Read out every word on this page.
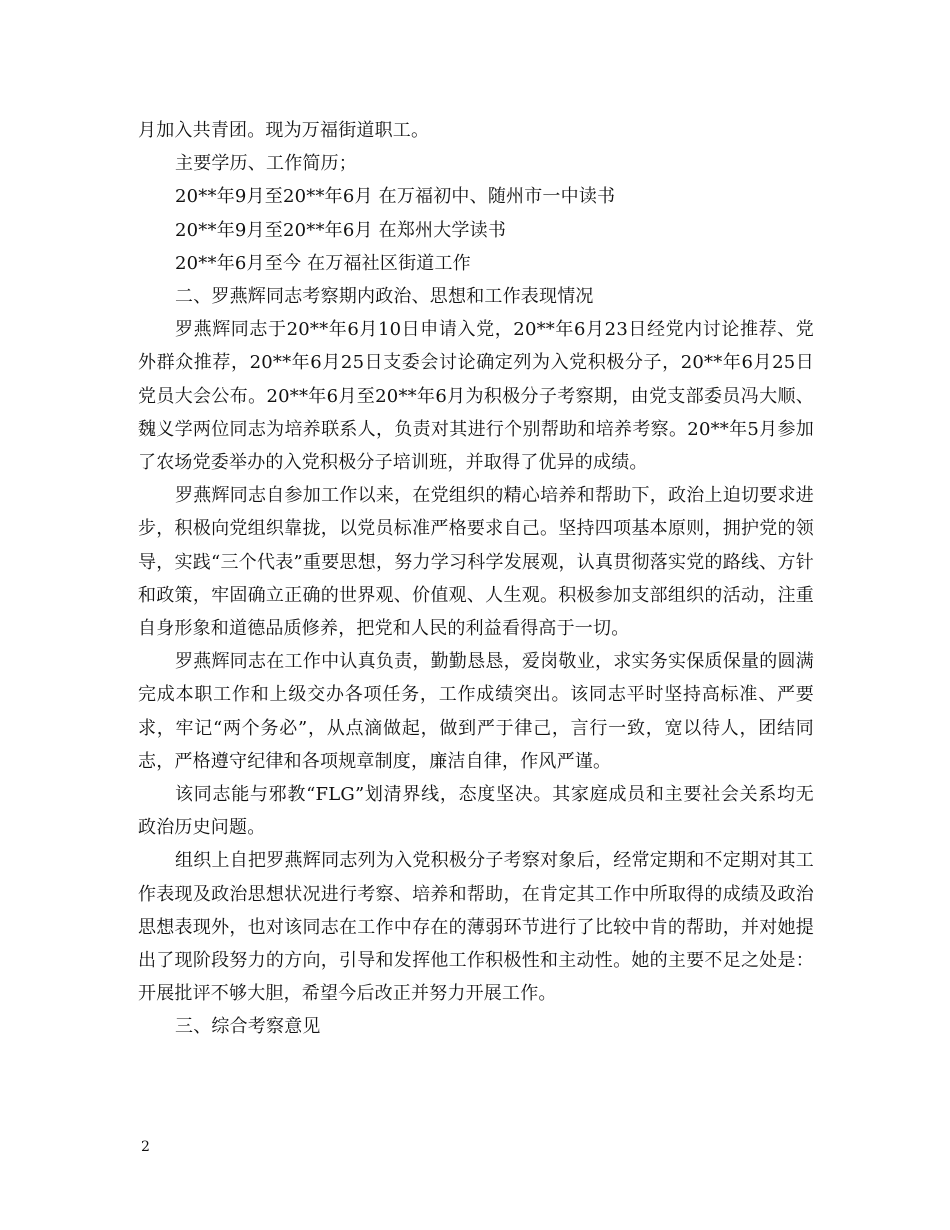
月加入共青团。现为万福街道职工。

主要学历、工作简历；

20**年9月至20**年6月 在万福初中、随州市一中读书

20**年9月至20**年6月 在郑州大学读书

20**年6月至今 在万福社区街道工作

二、罗燕辉同志考察期内政治、思想和工作表现情况

罗燕辉同志于20**年6月10日申请入党，20**年6月23日经党内讨论推荐、党外群众推荐，20**年6月25日支委会讨论确定列为入党积极分子，20**年6月25日党员大会公布。20**年6月至20**年6月为积极分子考察期，由党支部委员冯大顺、魏义学两位同志为培养联系人，负责对其进行个别帮助和培养考察。20**年5月参加了农场党委举办的入党积极分子培训班，并取得了优异的成绩。

罗燕辉同志自参加工作以来，在党组织的精心培养和帮助下，政治上迫切要求进步，积极向党组织靠拢，以党员标准严格要求自己。坚持四项基本原则，拥护党的领导，实践“三个代表”重要思想，努力学习科学发展观，认真贯彻落实党的路线、方针和政策，牢固确立正确的世界观、价值观、人生观。积极参加支部组织的活动，注重自身形象和道德品质修养，把党和人民的利益看得高于一切。

罗燕辉同志在工作中认真负责，勤勤恳恳，爱岗敬业，求实务实保质保量的圆满完成本职工作和上级交办各项任务，工作成绩突出。该同志平时坚持高标准、严要求，牢记“两个务必”，从点滴做起，做到严于律己，言行一致，宽以待人，团结同志，严格遵守纪律和各项规章制度，廉洁自律，作风严谨。

该同志能与邪教“FLG”划清界线，态度坚决。其家庭成员和主要社会关系均无政治历史问题。

组织上自把罗燕辉同志列为入党积极分子考察对象后，经常定期和不定期对其工作表现及政治思想状况进行考察、培养和帮助，在肯定其工作中所取得的成绩及政治思想表现外，也对该同志在工作中存在的薄弱环节进行了比较中肯的帮助，并对她提出了现阶段努力的方向，引导和发挥他工作积极性和主动性。她的主要不足之处是：开展批评不够大胆，希望今后改正并努力开展工作。

三、综合考察意见

2
